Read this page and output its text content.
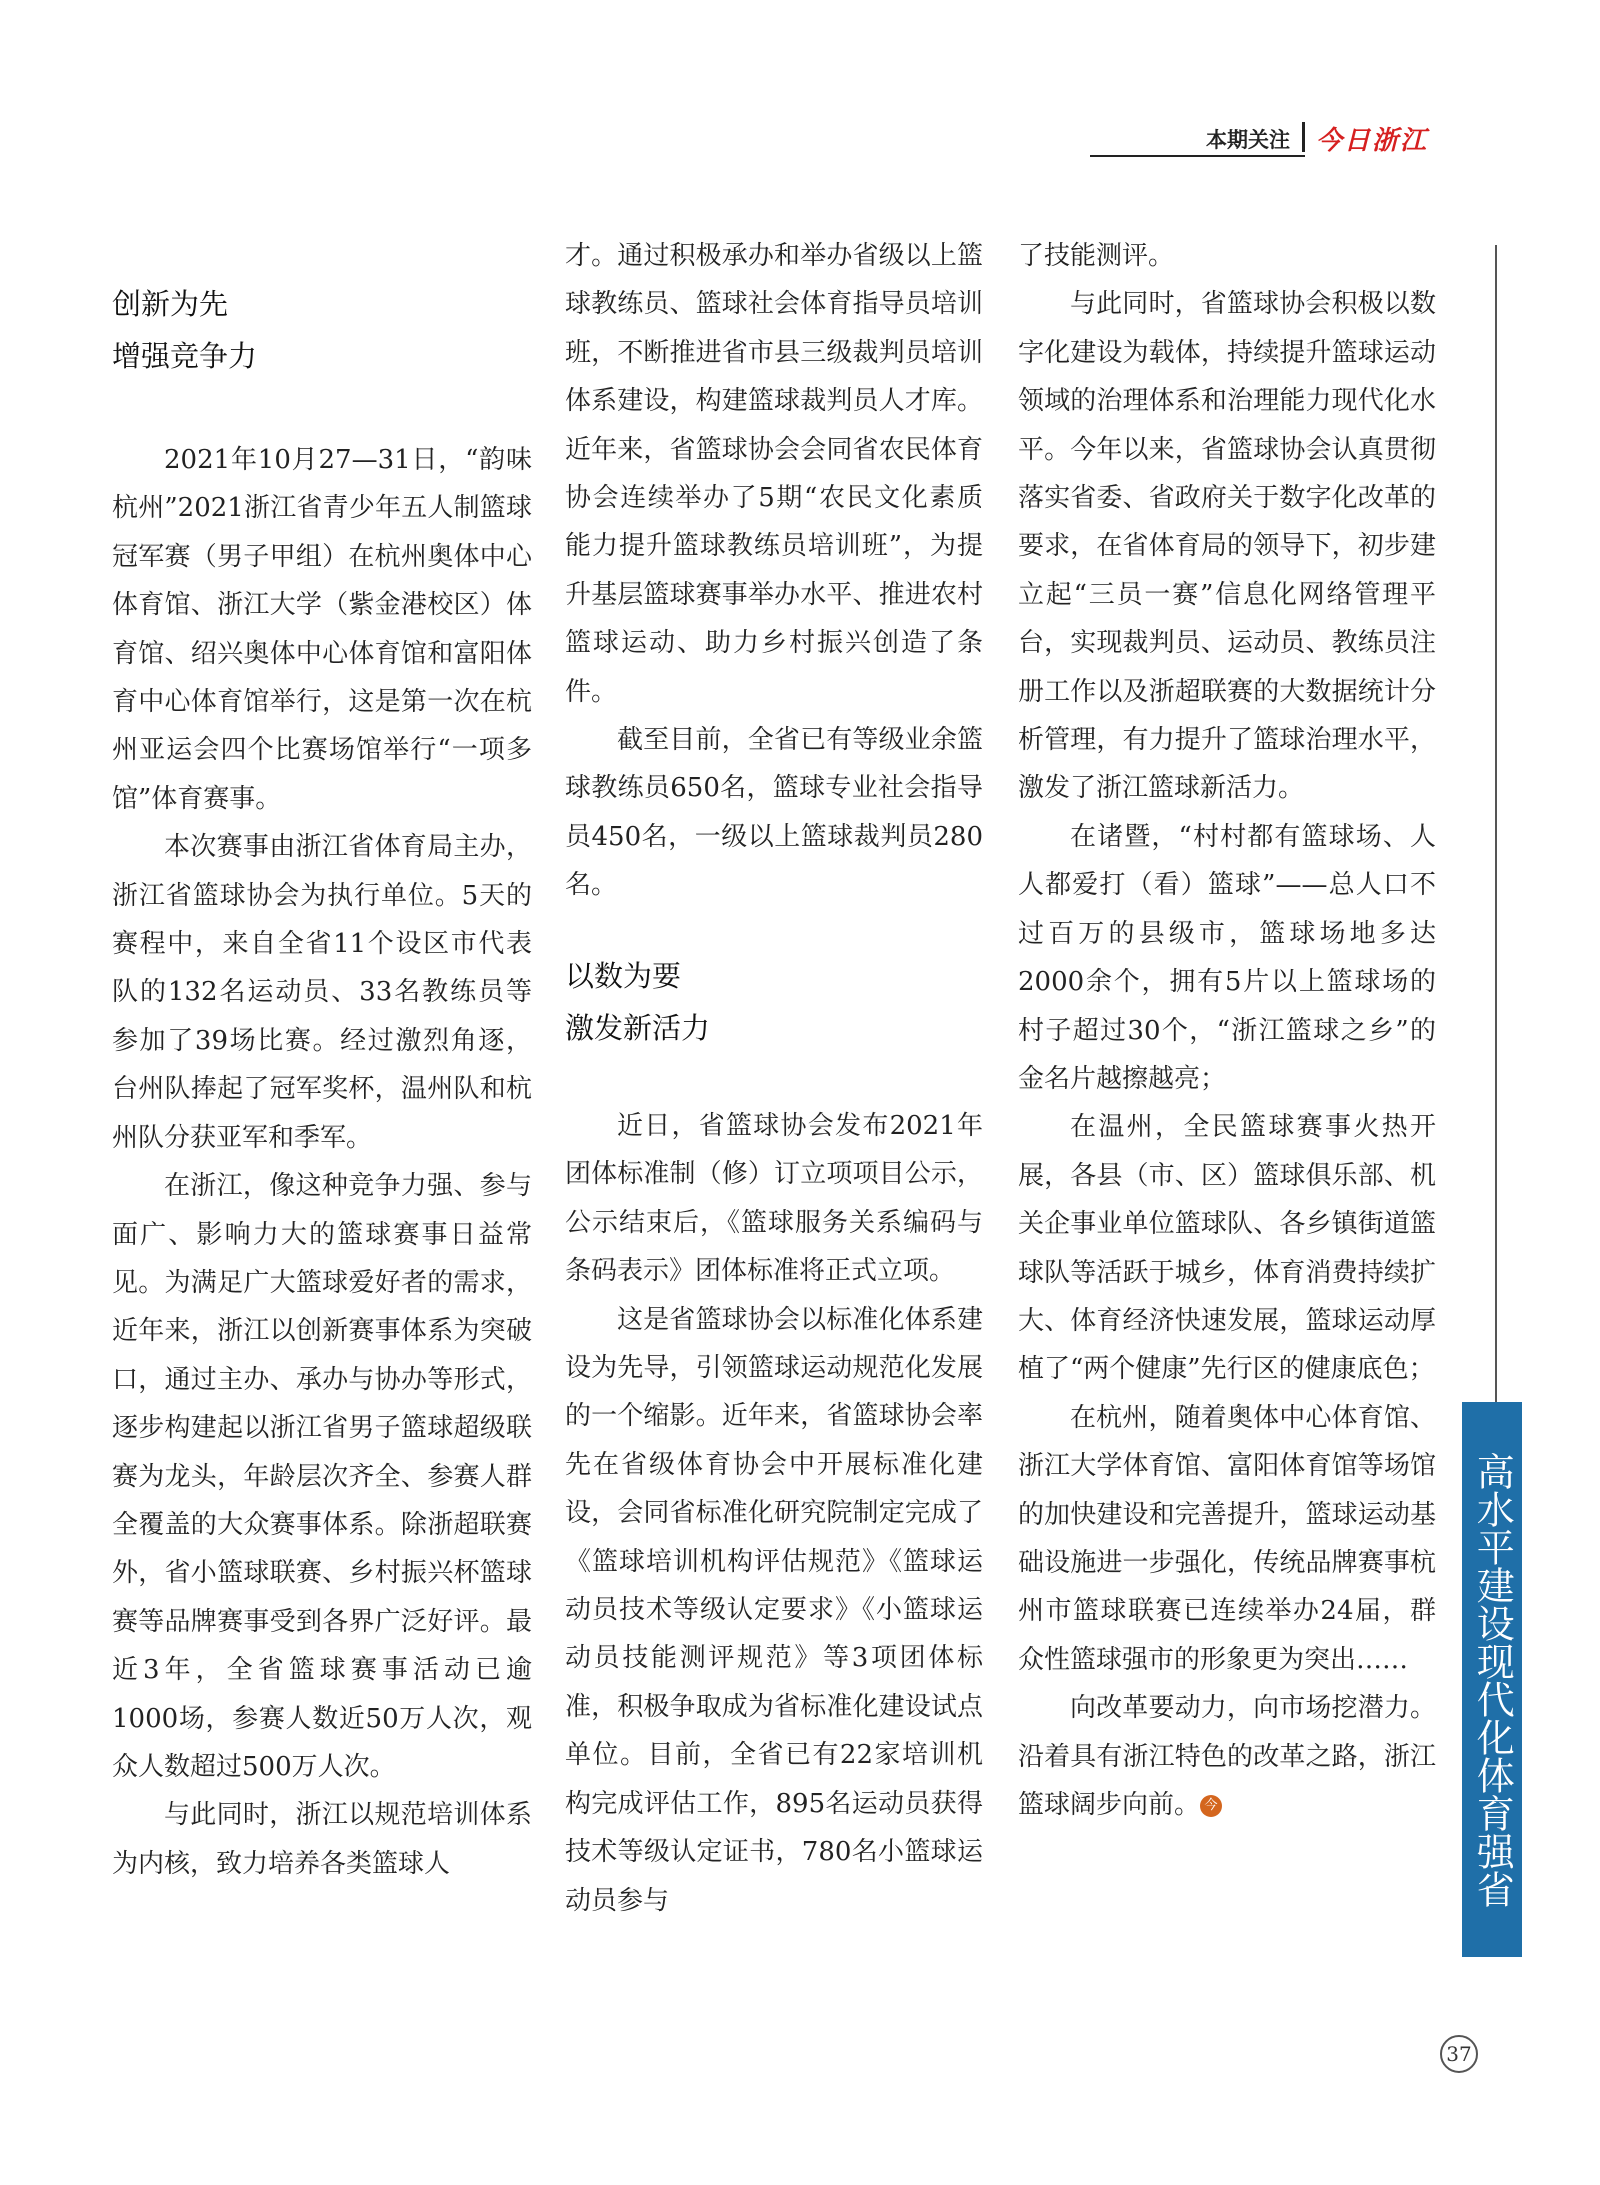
本期关注 今日浙江
创新为先
增强竞争力

2021年10月27—31日，“韵味杭州”2021浙江省青少年五人制篮球冠军赛（男子甲组）在杭州奥体中心体育馆、浙江大学（紫金港校区）体育馆、绍兴奥体中心体育馆和富阳体育中心体育馆举行，这是第一次在杭州亚运会四个比赛场馆举行“一项多馆”体育赛事。

本次赛事由浙江省体育局主办，浙江省篮球协会为执行单位。5天的赛程中，来自全省11个设区市代表队的132名运动员、33名教练员等参加了39场比赛。经过激烈角逐，台州队捧起了冠军奖杯，温州队和杭州队分获亚军和季军。

在浙江，像这种竞争力强、参与面广、影响力大的篮球赛事日益常见。为满足广大篮球爱好者的需求，近年来，浙江以创新赛事体系为突破口，通过主办、承办与协办等形式，逐步构建起以浙江省男子篮球超级联赛为龙头，年龄层次齐全、参赛人群全覆盖的大众赛事体系。除浙超联赛外，省小篮球联赛、乡村振兴杯篮球赛等品牌赛事受到各界广泛好评。最近3年，全省篮球赛事活动已逾1000场，参赛人数近50万人次，观众人数超过500万人次。

与此同时，浙江以规范培训体系为内核，致力培养各类篮球人

才。通过积极承办和举办省级以上篮球教练员、篮球社会体育指导员培训班，不断推进省市县三级裁判员培训体系建设，构建篮球裁判员人才库。近年来，省篮球协会会同省农民体育协会连续举办了5期“农民文化素质能力提升篮球教练员培训班”，为提升基层篮球赛事举办水平、推进农村篮球运动、助力乡村振兴创造了条件。

截至目前，全省已有等级业余篮球教练员650名，篮球专业社会指导员450名，一级以上篮球裁判员280名。

以数为要
激发新活力

近日，省篮球协会发布2021年团体标准制（修）订立项项目公示，公示结束后，《篮球服务关系编码与条码表示》团体标准将正式立项。

这是省篮球协会以标准化体系建设为先导，引领篮球运动规范化发展的一个缩影。近年来，省篮球协会率先在省级体育协会中开展标准化建设，会同省标准化研究院制定完成了《篮球培训机构评估规范》《篮球运动员技术等级认定要求》《小篮球运动员技能测评规范》等3项团体标准，积极争取成为省标准化建设试点单位。目前，全省已有22家培训机构完成评估工作，895名运动员获得技术等级认定证书，780名小篮球运动员参与

了技能测评。

与此同时，省篮球协会积极以数字化建设为载体，持续提升篮球运动领域的治理体系和治理能力现代化水平。今年以来，省篮球协会认真贯彻落实省委、省政府关于数字化改革的要求，在省体育局的领导下，初步建立起“三员一赛”信息化网络管理平台，实现裁判员、运动员、教练员注册工作以及浙超联赛的大数据统计分析管理，有力提升了篮球治理水平，激发了浙江篮球新活力。

在诸暨，“村村都有篮球场、人人都爱打（看）篮球”——总人口不过百万的县级市，篮球场地多达2000余个，拥有5片以上篮球场的村子超过30个，“浙江篮球之乡”的金名片越擦越亮；

在温州，全民篮球赛事火热开展，各县（市、区）篮球俱乐部、机关企事业单位篮球队、各乡镇街道篮球队等活跃于城乡，体育消费持续扩大、体育经济快速发展，篮球运动厚植了“两个健康”先行区的健康底色；

在杭州，随着奥体中心体育馆、浙江大学体育馆、富阳体育馆等场馆的加快建设和完善提升，篮球运动基础设施进一步强化，传统品牌赛事杭州市篮球联赛已连续举办24届，群众性篮球强市的形象更为突出……

向改革要动力，向市场挖潜力。沿着具有浙江特色的改革之路，浙江篮球阔步向前。 今	高水平建设现代化体育强省
37
